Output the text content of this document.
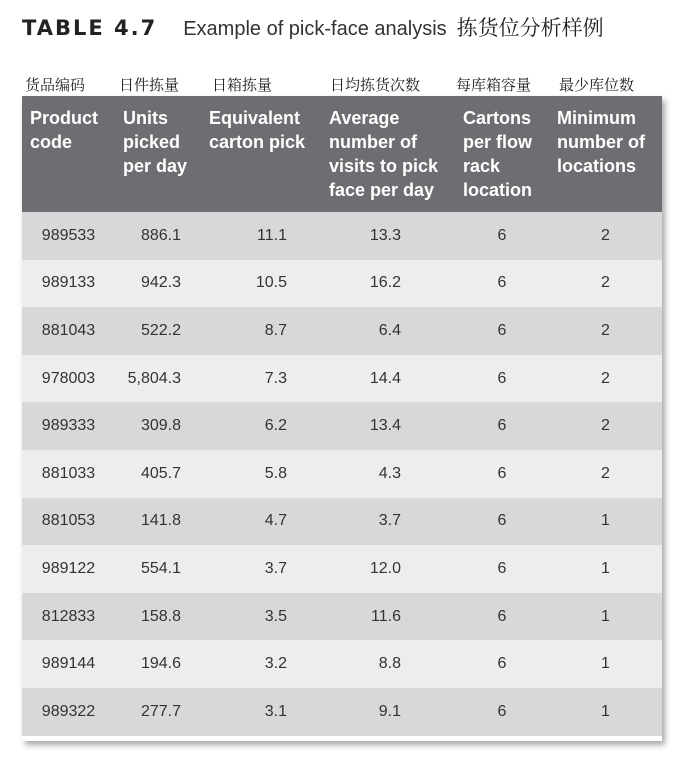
TABLE 4.7 Example of pick-face analysis 拣货位分析样例
货品编码 日件拣量 日箱拣量	日均拣货次数 每库箱容量 最少库位数
Product code	Units picked per day	Equivalent carton pick	Average number of visits to pick face per day	Cartons per flow rack location	Minimum number of locations
989533	886.1	11.1	13.3	6	2
989133	942.3	10.5	16.2	6	2
881043	522.2	8.7	6.4	6	2
978003	5,804.3	7.3	14.4	6	2
989333	309.8	6.2	13.4	6	2
881033	405.7	5.8	4.3	6	2
881053	141.8	4.7	3.7	6	1
989122	554.1	3.7	12.0	6	1
812833	158.8	3.5	11.6	6	1
989144	194.6	3.2	8.8	6	1
989322	277.7	3.1	9.1	6	1
